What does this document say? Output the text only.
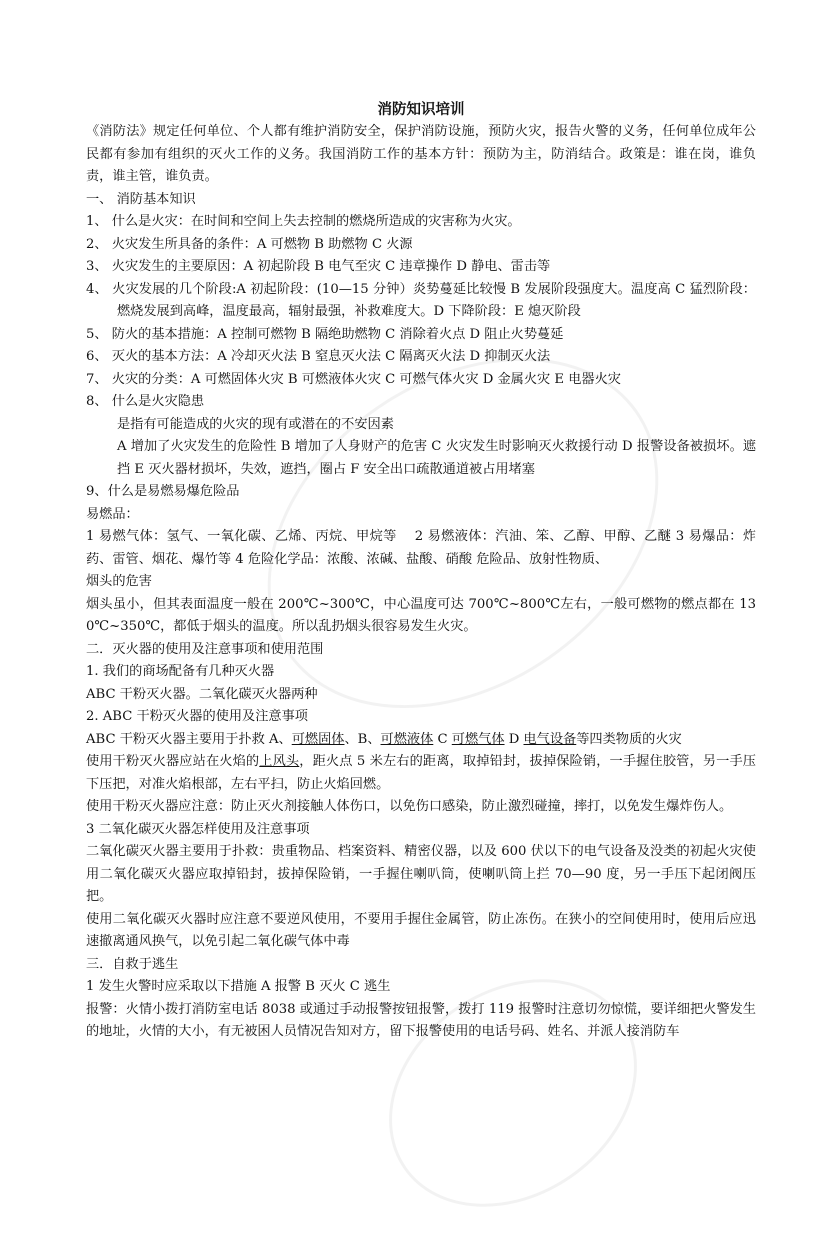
消防知识培训

《消防法》规定任何单位、个人都有维护消防安全，保护消防设施，预防火灾，报告火警的义务，任何单位成年公民都有参加有组织的灭火工作的义务。我国消防工作的基本方针：预防为主，防消结合。政策是：谁在岗，谁负责，谁主管，谁负责。

一、 消防基本知识

1、 什么是火灾：在时间和空间上失去控制的燃烧所造成的灾害称为火灾。

2、 火灾发生所具备的条件：A 可燃物 B 助燃物 C 火源

3、 火灾发生的主要原因：A 初起阶段 B 电气至灾 C 违章操作 D 静电、雷击等

4、 火灾发展的几个阶段:A 初起阶段：(10—15 分钟）炎势蔓延比较慢 B 发展阶段强度大。温度高 C 猛烈阶段：燃烧发展到高峰，温度最高，辐射最强，补救难度大。D 下降阶段：E 熄灭阶段

5、 防火的基本措施：A 控制可燃物 B 隔绝助燃物 C 消除着火点 D 阻止火势蔓延

6、 灭火的基本方法：A 冷却灭火法 B 窒息灭火法 C 隔离灭火法 D 抑制灭火法

7、 火灾的分类：A 可燃固体火灾 B 可燃液体火灾 C 可燃气体火灾 D 金属火灾 E 电器火灾

8、 什么是火灾隐患

是指有可能造成的火灾的现有或潜在的不安因素

A 增加了火灾发生的危险性 B 增加了人身财产的危害 C 火灾发生时影响灭火救援行动 D 报警设备被损坏。遮挡 E 灭火器材损坏，失效，遮挡，圈占 F 安全出口疏散通道被占用堵塞

9、什么是易燃易爆危险品

易燃品：

1 易燃气体：氢气、一氧化碳、乙烯、丙烷、甲烷等　 2 易燃液体：汽油、笨、乙醇、甲醇、乙醚 3 易爆品：炸药、雷管、烟花、爆竹等 4 危险化学品：浓酸、浓碱、盐酸、硝酸 危险品、放射性物质、

烟头的危害

烟头虽小，但其表面温度一般在 200℃~300℃，中心温度可达 700℃~800℃左右，一般可燃物的燃点都在 130℃~350℃，都低于烟头的温度。所以乱扔烟头很容易发生火灾。

二．灭火器的使用及注意事项和使用范围

1. 我们的商场配备有几种灭火器

ABC 干粉灭火器。二氧化碳灭火器两种

2. ABC 干粉灭火器的使用及注意事项

ABC 干粉灭火器主要用于扑救 A、可燃固体、B、可燃液体 C 可燃气体 D 电气设备等四类物质的火灾

使用干粉灭火器应站在火焰的上风头，距火点 5 米左右的距离，取掉铅封，拔掉保险销，一手握住胶管，另一手压下压把，对准火焰根部，左右平扫，防止火焰回燃。

使用干粉灭火器应注意：防止灭火剂接触人体伤口，以免伤口感染，防止激烈碰撞，摔打，以免发生爆炸伤人。

3 二氧化碳灭火器怎样使用及注意事项

二氧化碳灭火器主要用于扑救：贵重物品、档案资料、精密仪器，以及 600 伏以下的电气设备及没类的初起火灾使用二氧化碳灭火器应取掉铅封，拔掉保险销，一手握住喇叭筒，使喇叭筒上拦 70—90 度，另一手压下起闭阀压把。

使用二氧化碳灭火器时应注意不要逆风使用，不要用手握住金属管，防止冻伤。在狭小的空间使用时，使用后应迅速撤离通风换气，以免引起二氧化碳气体中毒

三．自救于逃生

1 发生火警时应采取以下措施 A 报警 B 灭火 C 逃生

报警：火情小拨打消防室电话 8038 或通过手动报警按钮报警，拨打 119 报警时注意切勿惊慌，要详细把火警发生的地址，火情的大小，有无被困人员情况告知对方，留下报警使用的电话号码、姓名、并派人接消防车
